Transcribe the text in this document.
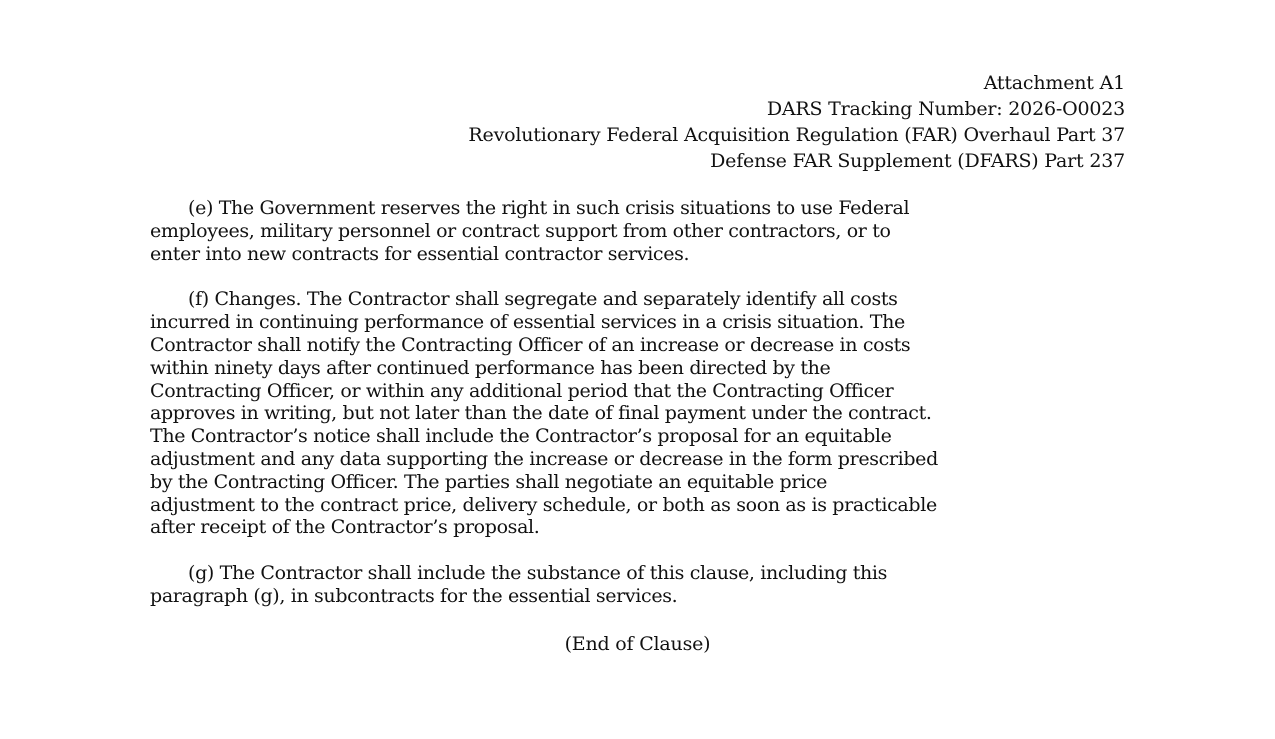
Attachment A1
DARS Tracking Number: 2026-O0023
Revolutionary Federal Acquisition Regulation (FAR) Overhaul Part 37
Defense FAR Supplement (DFARS) Part 237

(e) The Government reserves the right in such crisis situations to use Federal
employees, military personnel or contract support from other contractors, or to
enter into new contracts for essential contractor services.

(f) Changes. The Contractor shall segregate and separately identify all costs
incurred in continuing performance of essential services in a crisis situation. The
Contractor shall notify the Contracting Officer of an increase or decrease in costs
within ninety days after continued performance has been directed by the
Contracting Officer, or within any additional period that the Contracting Officer
approves in writing, but not later than the date of final payment under the contract.
The Contractor’s notice shall include the Contractor’s proposal for an equitable
adjustment and any data supporting the increase or decrease in the form prescribed
by the Contracting Officer. The parties shall negotiate an equitable price
adjustment to the contract price, delivery schedule, or both as soon as is practicable
after receipt of the Contractor’s proposal.

(g) The Contractor shall include the substance of this clause, including this
paragraph (g), in subcontracts for the essential services.

(End of Clause)
